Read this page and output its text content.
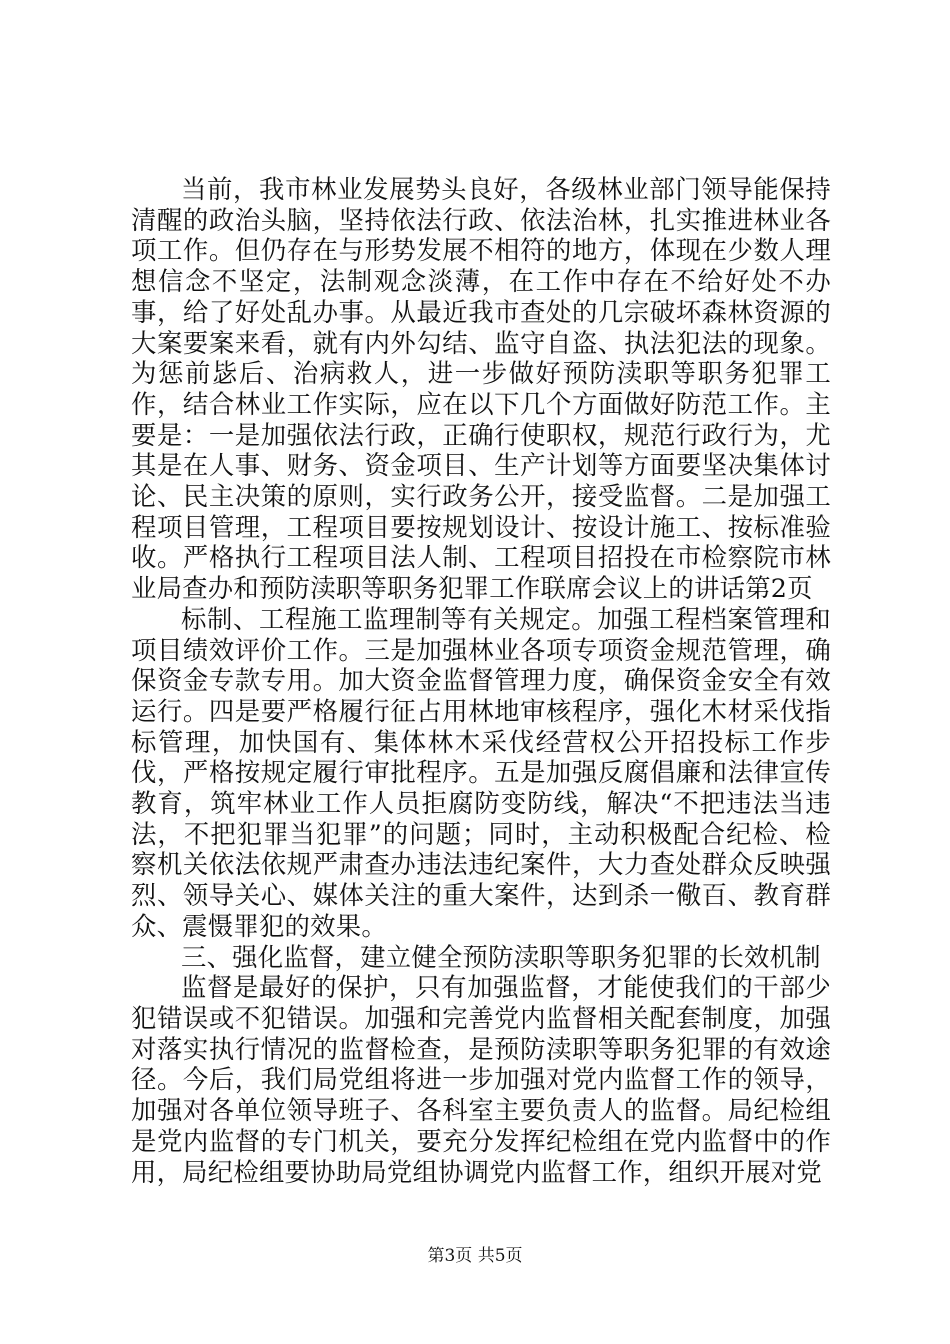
当前，我市林业发展势头良好，各级林业部门领导能保持清醒的政治头脑，坚持依法行政、依法治林，扎实推进林业各项工作。但仍存在与形势发展不相符的地方，体现在少数人理想信念不坚定，法制观念淡薄，在工作中存在不给好处不办事，给了好处乱办事。从最近我市查处的几宗破坏森林资源的大案要案来看，就有内外勾结、监守自盗、执法犯法的现象。为惩前毖后、治病救人，进一步做好预防渎职等职务犯罪工作，结合林业工作实际，应在以下几个方面做好防范工作。主要是：一是加强依法行政，正确行使职权，规范行政行为，尤其是在人事、财务、资金项目、生产计划等方面要坚决集体讨论、民主决策的原则，实行政务公开，接受监督。二是加强工程项目管理，工程项目要按规划设计、按设计施工、按标准验收。严格执行工程项目法人制、工程项目招投在市检察院市林业局查办和预防渎职等职务犯罪工作联席会议上的讲话第2页

标制、工程施工监理制等有关规定。加强工程档案管理和项目绩效评价工作。三是加强林业各项专项资金规范管理，确保资金专款专用。加大资金监督管理力度，确保资金安全有效运行。四是要严格履行征占用林地审核程序，强化木材采伐指标管理，加快国有、集体林木采伐经营权公开招投标工作步伐，严格按规定履行审批程序。五是加强反腐倡廉和法律宣传教育，筑牢林业工作人员拒腐防变防线，解决“不把违法当违法，不把犯罪当犯罪”的问题；同时，主动积极配合纪检、检察机关依法依规严肃查办违法违纪案件，大力查处群众反映强烈、领导关心、媒体关注的重大案件，达到杀一儆百、教育群众、震慑罪犯的效果。

三、强化监督，建立健全预防渎职等职务犯罪的长效机制

监督是最好的保护，只有加强监督，才能使我们的干部少犯错误或不犯错误。加强和完善党内监督相关配套制度，加强对落实执行情况的监督检查，是预防渎职等职务犯罪的有效途径。今后，我们局党组将进一步加强对党内监督工作的领导，加强对各单位领导班子、各科室主要负责人的监督。局纪检组是党内监督的专门机关，要充分发挥纪检组在党内监督中的作用，局纪检组要协助局党组协调党内监督工作，组织开展对党

第3页 共5页
